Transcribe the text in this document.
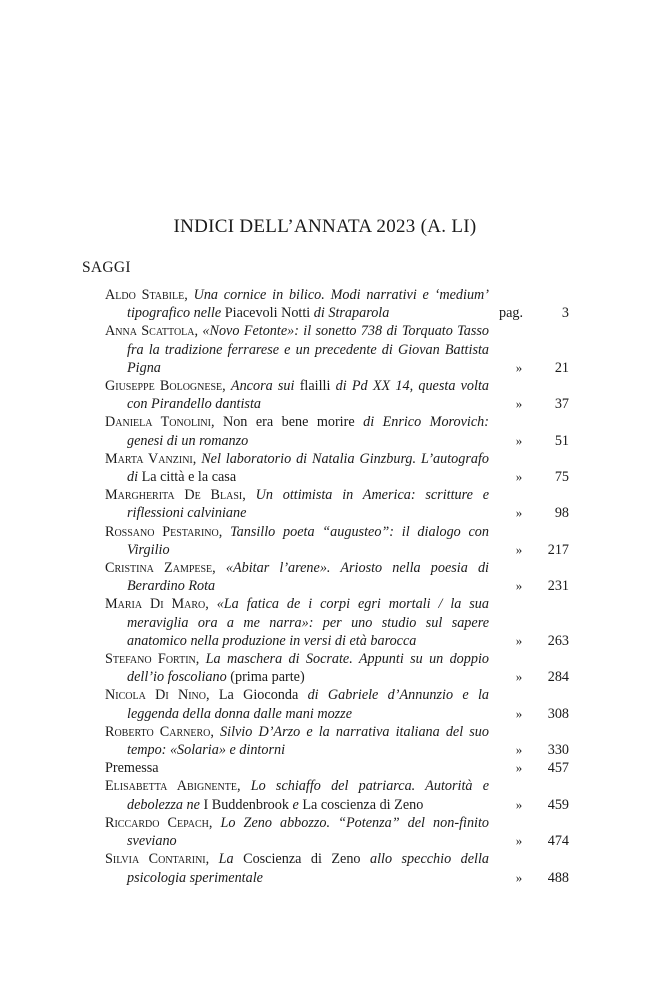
INDICI DELL’ANNATA 2023 (A. LI)
SAGGI
Aldo Stabile, Una cornice in bilico. Modi narrativi e ‘medium’ tipografico nelle Piacevoli Notti di Straparola	pag.	3
Anna Scattola, «Novo Fetonte»: il sonetto 738 di Torquato Tasso fra la tradizione ferrarese e un precedente di Giovan Battista Pigna	»	21
Giuseppe Bolognese, Ancora sui flailli di Pd XX 14, questa volta con Pirandello dantista	»	37
Daniela Tonolini, Non era bene morire di Enrico Morovich: genesi di un romanzo	»	51
Marta Vanzini, Nel laboratorio di Natalia Ginzburg. L’autografo di La città e la casa	»	75
Margherita De Blasi, Un ottimista in America: scritture e riflessioni calviniane	»	98
Rossano Pestarino, Tansillo poeta “augusteo”: il dialogo con Virgilio	»	217
Cristina Zampese, «Abitar l’arene». Ariosto nella poesia di Berardino Rota	»	231
Maria Di Maro, «La fatica de i corpi egri mortali / la sua meraviglia ora a me narra»: per uno studio sul sapere anatomico nella produzione in versi di età barocca	»	263
Stefano Fortin, La maschera di Socrate. Appunti su un doppio dell’io foscoliano (prima parte)	»	284
Nicola Di Nino, La Gioconda di Gabriele d’Annunzio e la leggenda della donna dalle mani mozze	»	308
Roberto Carnero, Silvio D’Arzo e la narrativa italiana del suo tempo: «Solaria» e dintorni	»	330
Premessa	»	457
Elisabetta Abignente, Lo schiaffo del patriarca. Autorità e debolezza ne I Buddenbrook e La coscienza di Zeno	»	459
Riccardo Cepach, Lo Zeno abbozzo. “Potenza” del non-finito sveviano	»	474
Silvia Contarini, La Coscienza di Zeno allo specchio della psicologia sperimentale	»	488
